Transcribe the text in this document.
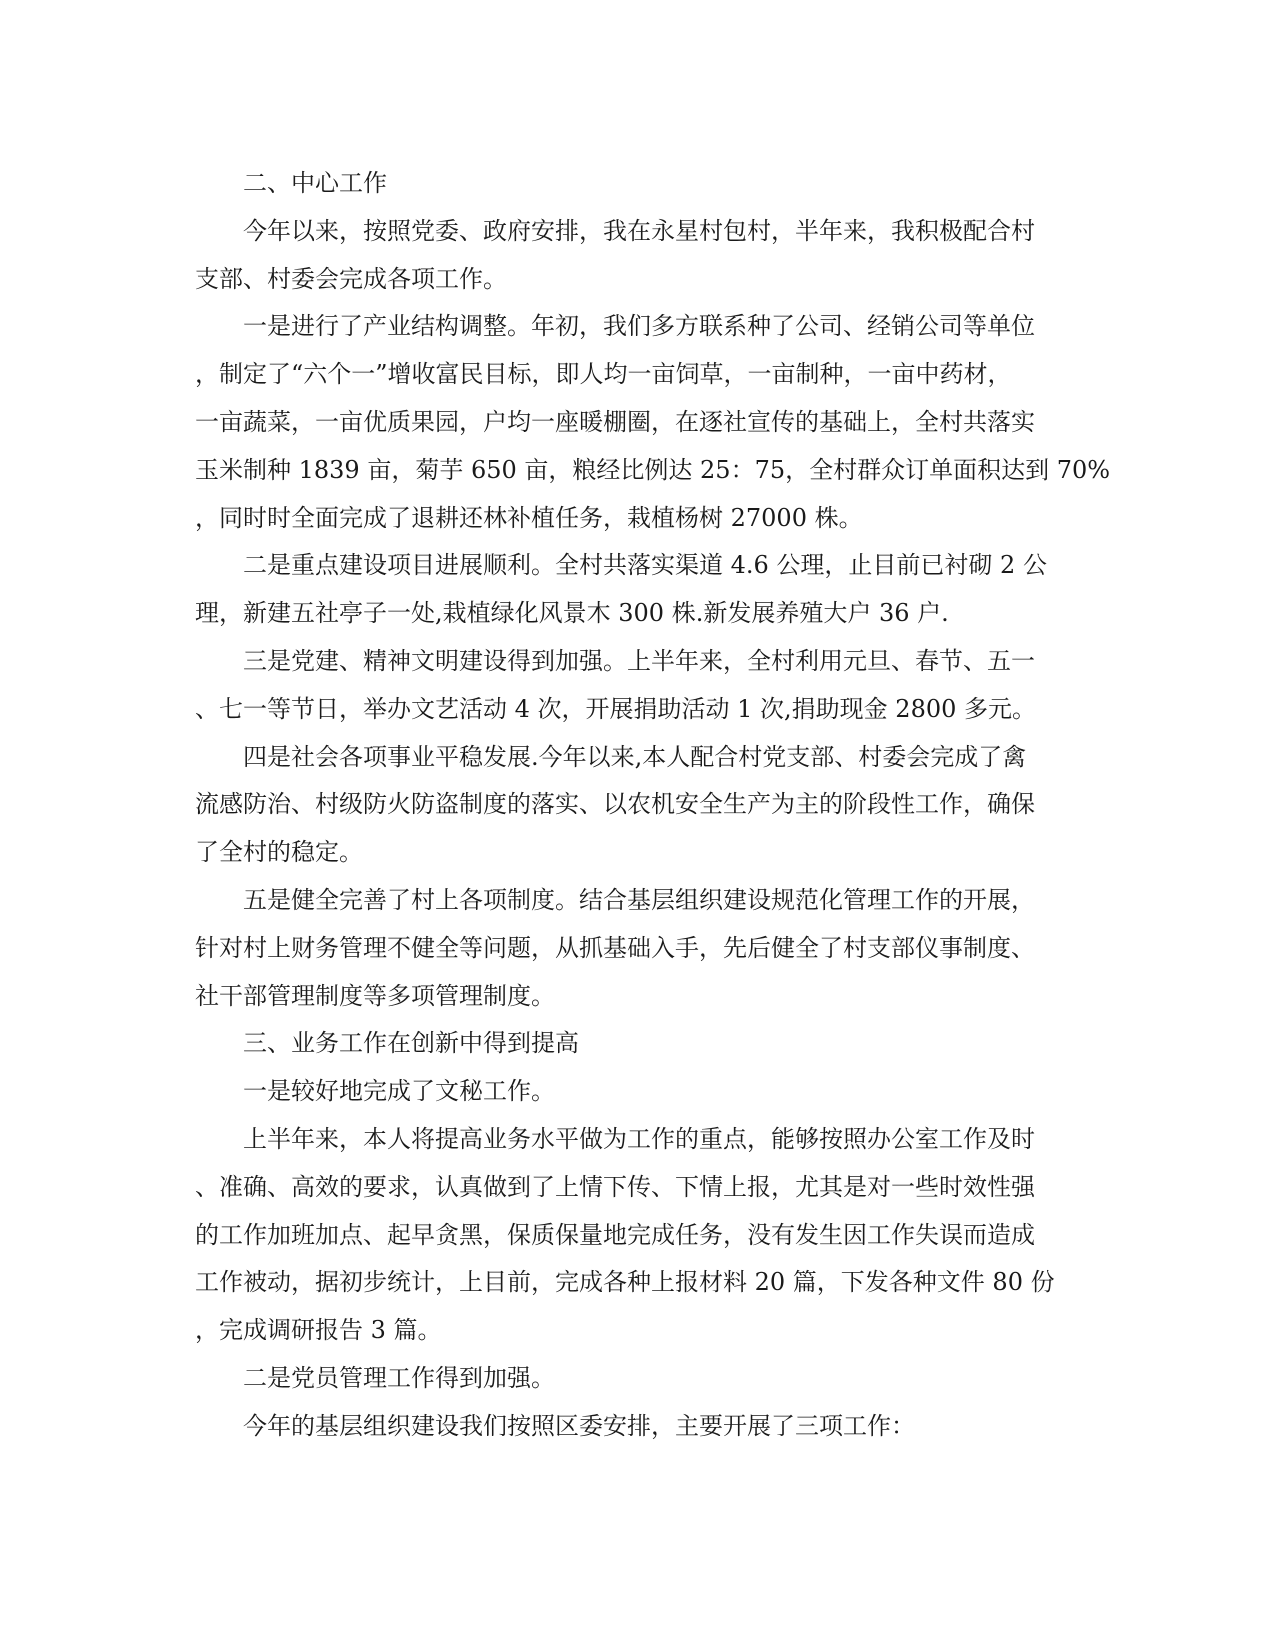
二、中心工作
今年以来，按照党委、政府安排，我在永星村包村，半年来，我积极配合村
支部、村委会完成各项工作。
一是进行了产业结构调整。年初，我们多方联系种了公司、经销公司等单位
，制定了“六个一”增收富民目标，即人均一亩饲草，一亩制种，一亩中药材，
一亩蔬菜，一亩优质果园，户均一座暖棚圈，在逐社宣传的基础上，全村共落实
玉米制种 1839 亩，菊芋 650 亩，粮经比例达 25：75，全村群众订单面积达到 70%
，同时时全面完成了退耕还林补植任务，栽植杨树 27000 株。
二是重点建设项目进展顺利。全村共落实渠道 4.6 公理，止目前已衬砌 2 公
理，新建五社亭子一处,栽植绿化风景木 300 株.新发展养殖大户 36 户.
三是党建、精神文明建设得到加强。上半年来，全村利用元旦、春节、五一
、七一等节日，举办文艺活动 4 次，开展捐助活动 1 次,捐助现金 2800 多元。
四是社会各项事业平稳发展.今年以来,本人配合村党支部、村委会完成了禽
流感防治、村级防火防盗制度的落实、以农机安全生产为主的阶段性工作，确保
了全村的稳定。
五是健全完善了村上各项制度。结合基层组织建设规范化管理工作的开展，
针对村上财务管理不健全等问题，从抓基础入手，先后健全了村支部仪事制度、
社干部管理制度等多项管理制度。
三、业务工作在创新中得到提高
一是较好地完成了文秘工作。
上半年来，本人将提高业务水平做为工作的重点，能够按照办公室工作及时
、准确、高效的要求，认真做到了上情下传、下情上报，尤其是对一些时效性强
的工作加班加点、起早贪黑，保质保量地完成任务，没有发生因工作失误而造成
工作被动，据初步统计，上目前，完成各种上报材料 20 篇，下发各种文件 80 份
，完成调研报告 3 篇。
二是党员管理工作得到加强。
今年的基层组织建设我们按照区委安排，主要开展了三项工作：
